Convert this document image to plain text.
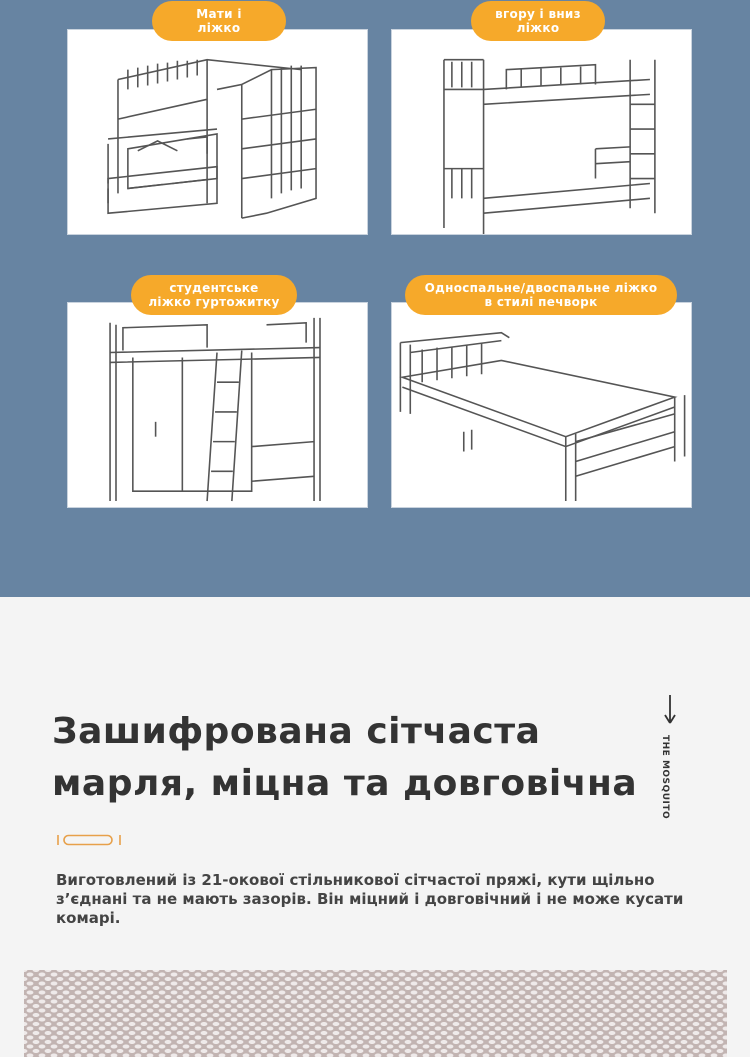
Мати і
ліжко
вгору і вниз
ліжко
студентське
ліжко гуртожитку
Односпальне/двоспальне ліжко
в стилі печворк
Зашифрована сітчаста
марля, міцна та довговічна	THE MOSQUITO
Виготовлений із 21-окової стільникової сітчастої пряжі, кути щільно з’єднані та не мають зазорів. Він міцний і довговічний і не може кусати комарі.
